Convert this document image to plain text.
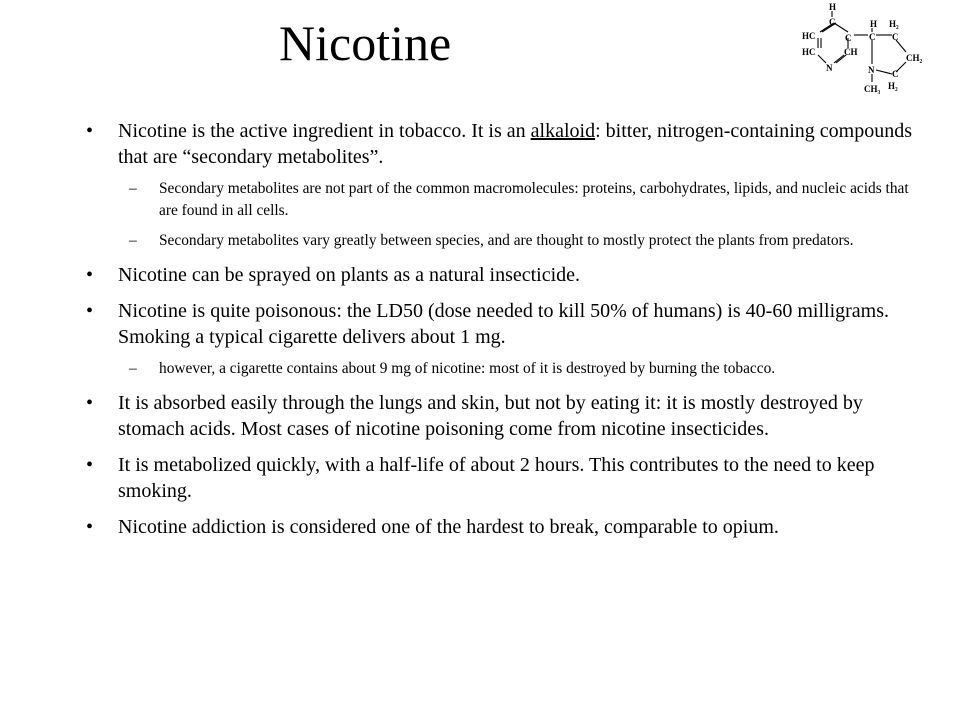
Nicotine
H
C
HC	C
HC	CH
N
H H₂
C C
CH₂
N C
CH₃ H₂
• Nicotine is the active ingredient in tobacco. It is an alkaloid: bitter, nitrogen-containing compounds that are “secondary metabolites”.
– Secondary metabolites are not part of the common macromolecules: proteins, carbohydrates, lipids, and nucleic acids that are found in all cells.
– Secondary metabolites vary greatly between species, and are thought to mostly protect the plants from predators.
• Nicotine can be sprayed on plants as a natural insecticide.
• Nicotine is quite poisonous: the LD50 (dose needed to kill 50% of humans) is 40-60 milligrams. Smoking a typical cigarette delivers about 1 mg.
– however, a cigarette contains about 9 mg of nicotine: most of it is destroyed by burning the tobacco.
• It is absorbed easily through the lungs and skin, but not by eating it: it is mostly destroyed by stomach acids. Most cases of nicotine poisoning come from nicotine insecticides.
• It is metabolized quickly, with a half-life of about 2 hours. This contributes to the need to keep smoking.
• Nicotine addiction is considered one of the hardest to break, comparable to opium.
